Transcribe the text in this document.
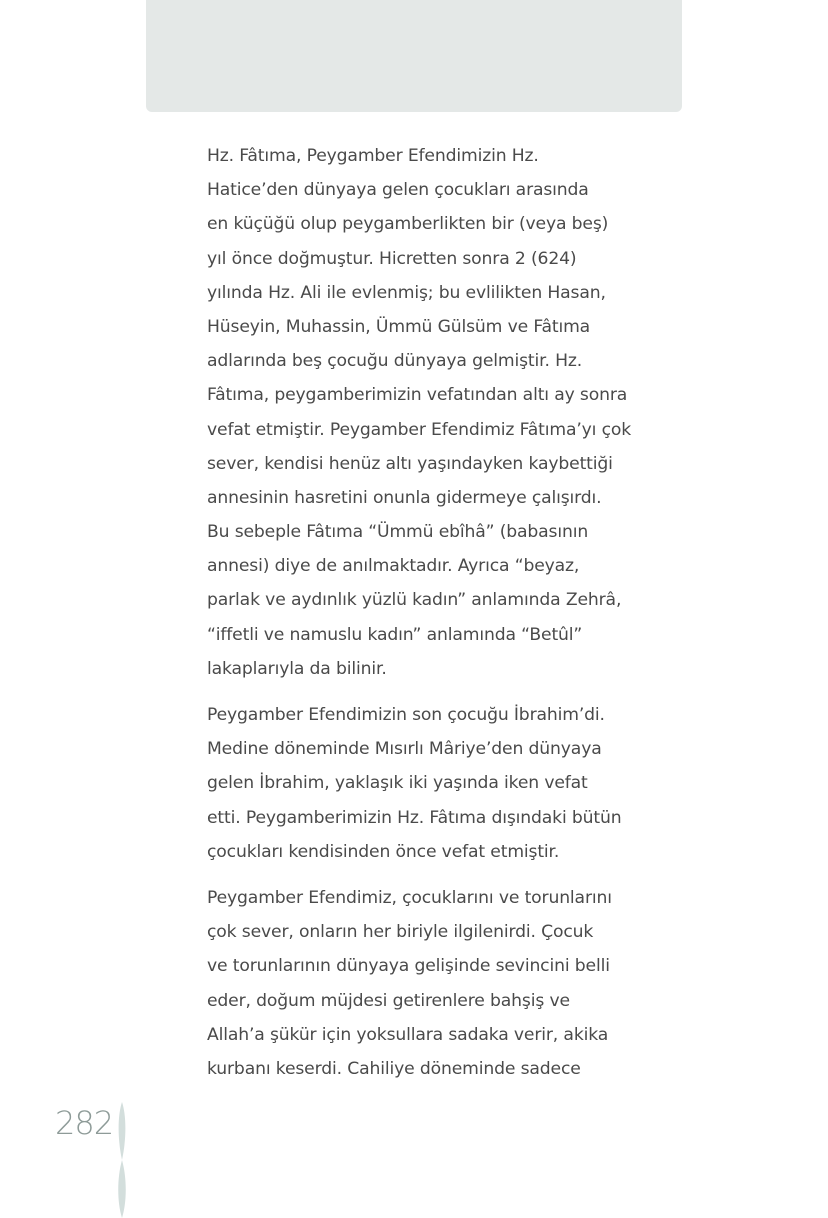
Hz. Fâtıma, Peygamber Efendimizin Hz.
Hatice’den dünyaya gelen çocukları arasında
en küçüğü olup peygamberlikten bir (veya beş)
yıl önce doğmuştur. Hicretten sonra 2 (624)
yılında Hz. Ali ile evlenmiş; bu evlilikten Hasan,
Hüseyin, Muhassin, Ümmü Gülsüm ve Fâtıma
adlarında beş çocuğu dünyaya gelmiştir. Hz.
Fâtıma, peygamberimizin vefatından altı ay sonra
vefat etmiştir. Peygamber Efendimiz Fâtıma’yı çok
sever, kendisi henüz altı yaşındayken kaybettiği
annesinin hasretini onunla gidermeye çalışırdı.
Bu sebeple Fâtıma “Ümmü ebîhâ” (babasının
annesi) diye de anılmaktadır. Ayrıca “beyaz,
parlak ve aydınlık yüzlü kadın” anlamında Zehrâ,
“iffetli ve namuslu kadın” anlamında “Betûl”
lakaplarıyla da bilinir.

Peygamber Efendimizin son çocuğu İbrahim’di.
Medine döneminde Mısırlı Mâriye’den dünyaya
gelen İbrahim, yaklaşık iki yaşında iken vefat
etti. Peygamberimizin Hz. Fâtıma dışındaki bütün
çocukları kendisinden önce vefat etmiştir.

Peygamber Efendimiz, çocuklarını ve torunlarını
çok sever, onların her biriyle ilgilenirdi. Çocuk
ve torunlarının dünyaya gelişinde sevincini belli
eder, doğum müjdesi getirenlere bahşiş ve
Allah’a şükür için yoksullara sadaka verir, akika
kurbanı keserdi. Cahiliye döneminde sadece

282
